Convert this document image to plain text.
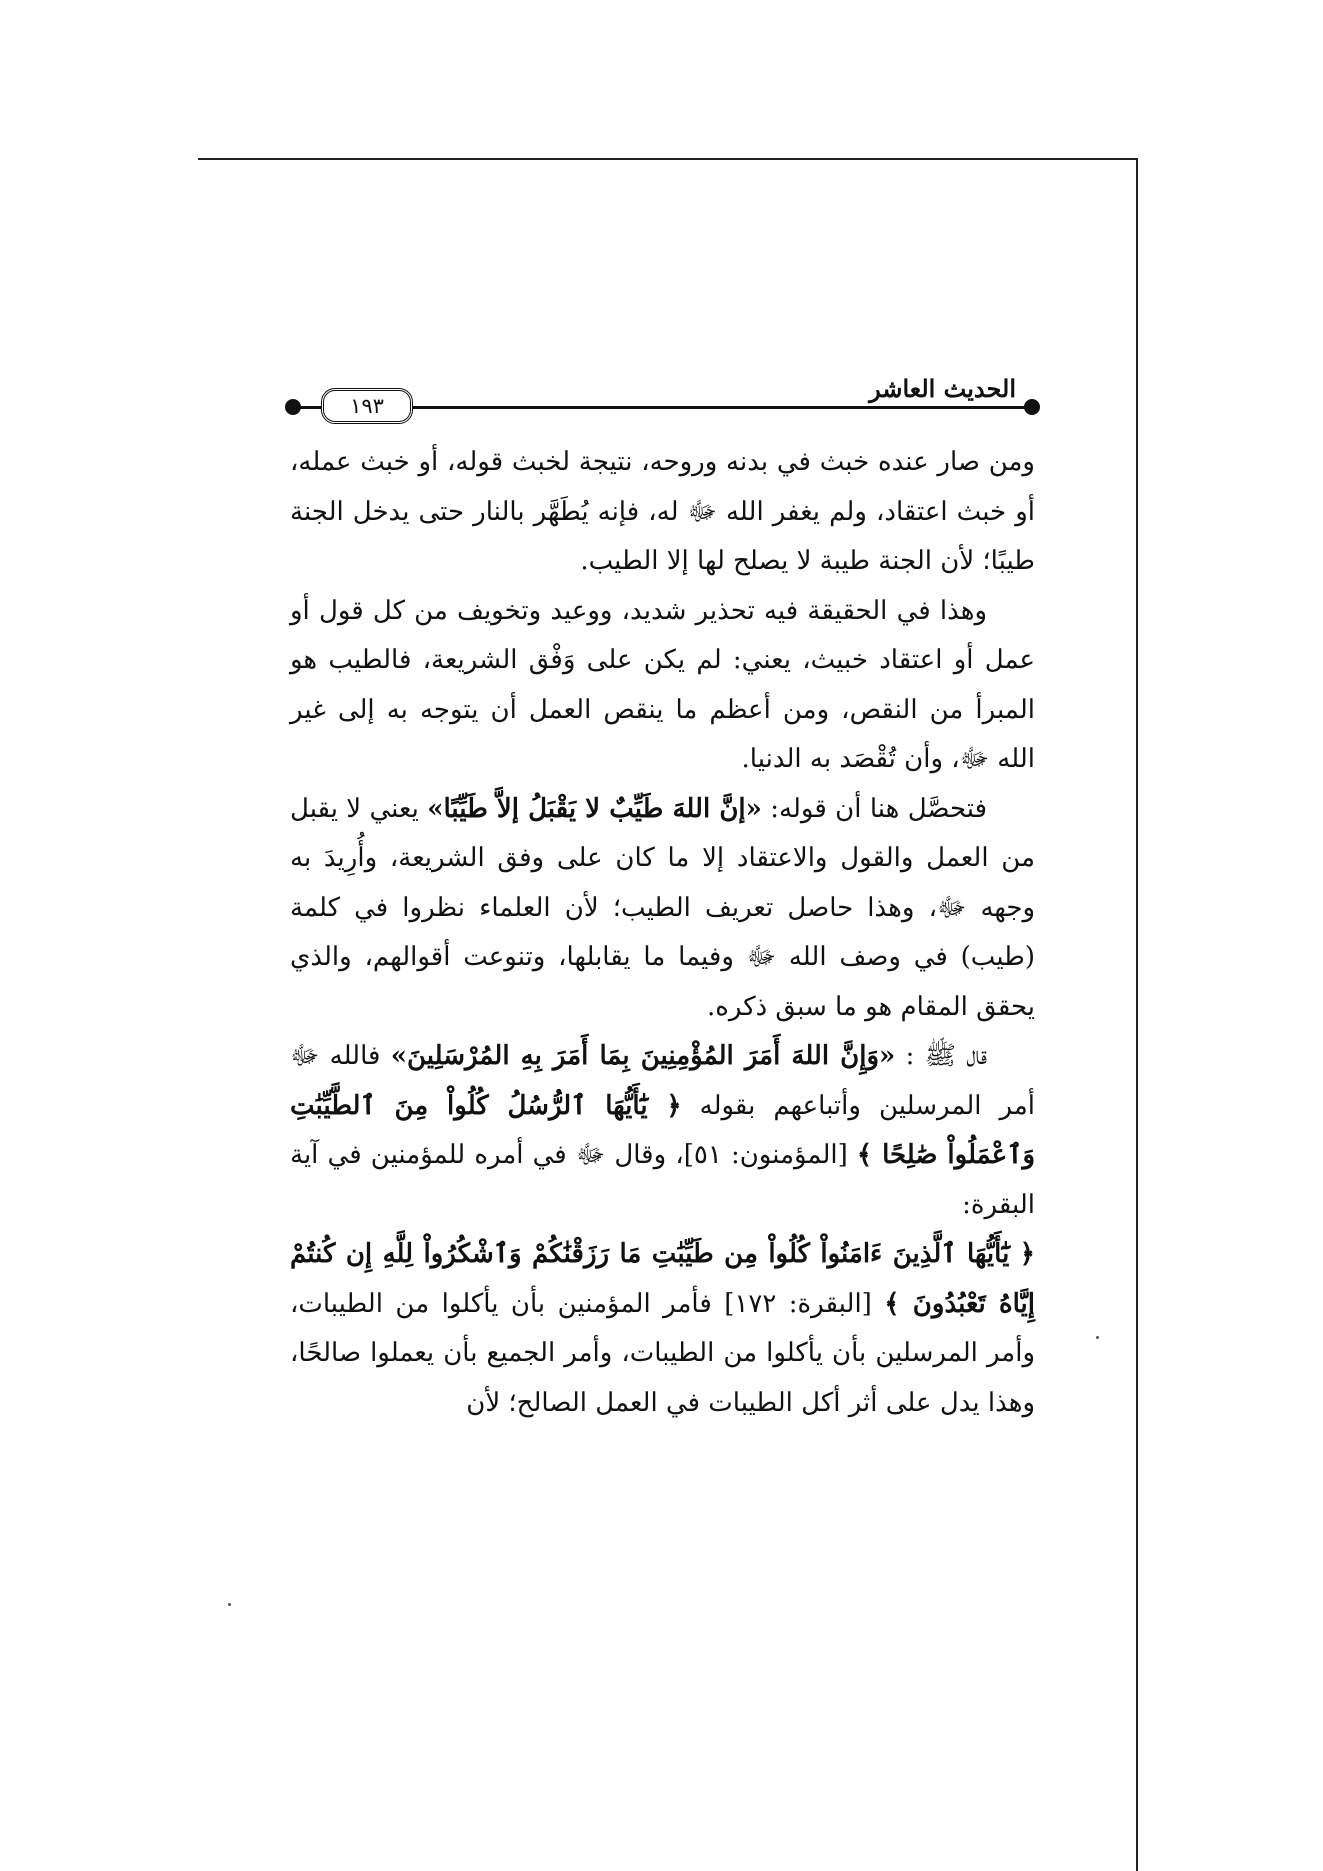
١٩٣
الحديث العاشر

ومن صار عنده خبث في بدنه وروحه، نتيجة لخبث قوله، أو خبث عمله، أو خبث اعتقاد، ولم يغفر الله ﷻ له، فإنه يُطَهَّر بالنار حتى يدخل الجنة طيبًا؛ لأن الجنة طيبة لا يصلح لها إلا الطيب.

وهذا في الحقيقة فيه تحذير شديد، ووعيد وتخويف من كل قول أو عمل أو اعتقاد خبيث، يعني: لم يكن على وَفْق الشريعة، فالطيب هو المبرأ من النقص، ومن أعظم ما ينقص العمل أن يتوجه به إلى غير الله ﷻ، وأن تُقْصَد به الدنيا.

فتحصَّل هنا أن قوله: «إنَّ اللهَ طَيِّبٌ لا يَقْبَلُ إلاَّ طَيِّبًا» يعني لا يقبل من العمل والقول والاعتقاد إلا ما كان على وفق الشريعة، وأُرِيدَ به وجهه ﷻ، وهذا حاصل تعريف الطيب؛ لأن العلماء نظروا في كلمة (طيب) في وصف الله ﷻ وفيما ما يقابلها، وتنوعت أقوالهم، والذي يحقق المقام هو ما سبق ذكره.

قال ﷺ : «وَإِنَّ اللهَ أَمَرَ المُؤْمِنِينَ بِمَا أَمَرَ بِهِ المُرْسَلِينَ» فالله ﷻ أمر المرسلين وأتباعهم بقوله ﴿ يَٰٓأَيُّهَا ٱلرُّسُلُ كُلُواْ مِنَ ٱلطَّيِّبَٰتِ وَٱعْمَلُواْ صَٰلِحًا ﴾ [المؤمنون: ٥١]، وقال ﷻ في أمره للمؤمنين في آية البقرة:

﴿ يَٰٓأَيُّهَا ٱلَّذِينَ ءَامَنُواْ كُلُواْ مِن طَيِّبَٰتِ مَا رَزَقْنَٰكُمْ وَٱشْكُرُواْ لِلَّهِ إِن كُنتُمْ إِيَّاهُ تَعْبُدُونَ ﴾ [البقرة: ١٧٢] فأمر المؤمنين بأن يأكلوا من الطيبات، وأمر المرسلين بأن يأكلوا من الطيبات، وأمر الجميع بأن يعملوا صالحًا، وهذا يدل على أثر أكل الطيبات في العمل الصالح؛ لأن
